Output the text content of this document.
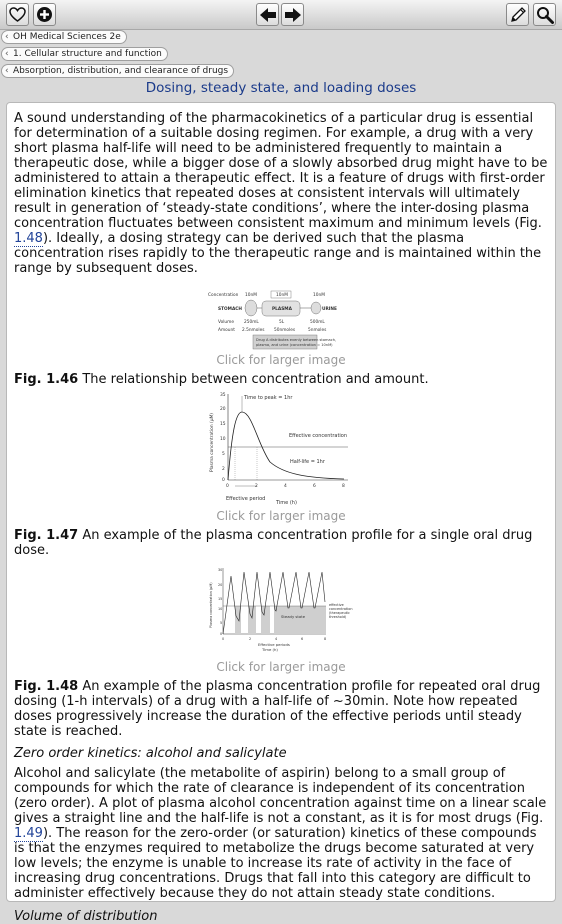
‹ OH Medical Sciences 2e
‹ 1. Cellular structure and function
‹ Absorption, distribution, and clearance of drugs
Dosing, steady state, and loading doses

A sound understanding of the pharmacokinetics of a particular drug is essential for determination of a suitable dosing regimen. For example, a drug with a very short plasma half-life will need to be administered frequently to maintain a therapeutic dose, while a bigger dose of a slowly absorbed drug might have to be administered to attain a therapeutic effect. It is a feature of drugs with first-order elimination kinetics that repeated doses at consistent intervals will ultimately result in generation of ‘steady-state conditions’, where the inter-dosing plasma concentration fluctuates between consistent maximum and minimum levels (Fig. 1.48). Ideally, a dosing strategy can be derived such that the plasma concentration rises rapidly to the therapeutic range and is maintained within the range by subsequent doses.

Concentration 10nM	10nM	10nM
STOMACH	PLASMA	URINE
Volume 250mL	5L	500mL
Amount 2.5nmoles 50nmoles	5nmoles
Drug A distributes evenly between stomach,
plasma, and urine (concentration = 10nM)
Click for larger image

Fig. 1.46 The relationship between concentration and amount.

35
20
15
10
5
2
0
0	2	4	6	8
Time to peak = 1hr
Effective concentration
Half-life = 1hr
Effective period
Time (h)
Plasma concentration (µM)
Click for larger image

Fig. 1.47 An example of the plasma concentration profile for a single oral drug dose.

30
20
15
10
5
0
0	2	4	6	8
Steady state
effective
concentration
(therapeutic
threshold)
Effective periods
Time (h)
Plasma concentration (µM)
Click for larger image

Fig. 1.48 An example of the plasma concentration profile for repeated oral drug dosing (1-h intervals) of a drug with a half-life of ~30min. Note how repeated doses progressively increase the duration of the effective periods until steady state is reached.

Zero order kinetics: alcohol and salicylate

Alcohol and salicylate (the metabolite of aspirin) belong to a small group of compounds for which the rate of clearance is independent of its concentration (zero order). A plot of plasma alcohol concentration against time on a linear scale gives a straight line and the half-life is not a constant, as it is for most drugs (Fig. 1.49). The reason for the zero-order (or saturation) kinetics of these compounds is that the enzymes required to metabolize the drugs become saturated at very low levels; the enzyme is unable to increase its rate of activity in the face of increasing drug concentrations. Drugs that fall into this category are difficult to administer effectively because they do not attain steady state conditions.

Volume of distribution
